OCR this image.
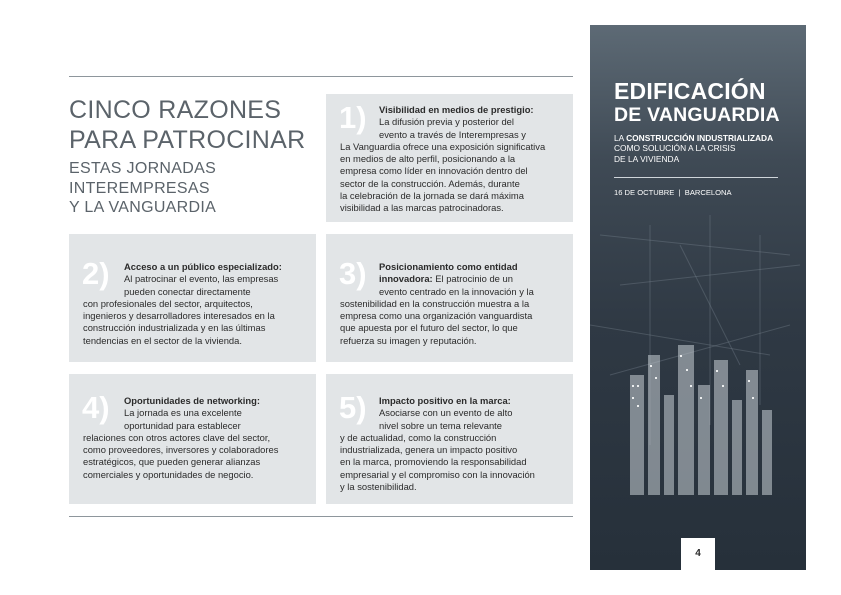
CINCO RAZONES
PARA PATROCINAR
ESTAS JORNADAS
INTEREMPRESAS
Y LA VANGUARDIA
1)	Visibilidad en medios de prestigio:
La difusión previa y posterior del
evento a través de Interempresas y
La Vanguardia ofrece una exposición significativa
en medios de alto perfil, posicionando a la
empresa como líder en innovación dentro del
sector de la construcción. Además, durante
la celebración de la jornada se dará máxima
visibilidad a las marcas patrocinadoras.
2)	Acceso a un público especializado:
Al patrocinar el evento, las empresas
pueden conectar directamente
con profesionales del sector, arquitectos,
ingenieros y desarrolladores interesados en la
construcción industrializada y en las últimas
tendencias en el sector de la vivienda.
3)	Posicionamiento como entidad
innovadora: El patrocinio de un
evento centrado en la innovación y la
sostenibilidad en la construcción muestra a la
empresa como una organización vanguardista
que apuesta por el futuro del sector, lo que
refuerza su imagen y reputación.
4)	Oportunidades de networking:
La jornada es una excelente
oportunidad para establecer
relaciones con otros actores clave del sector,
como proveedores, inversores y colaboradores
estratégicos, que pueden generar alianzas
comerciales y oportunidades de negocio.
5)	Impacto positivo en la marca:
Asociarse con un evento de alto
nivel sobre un tema relevante
y de actualidad, como la construcción
industrializada, genera un impacto positivo
en la marca, promoviendo la responsabilidad
empresarial y el compromiso con la innovación
y la sostenibilidad.
EDIFICACIÓN
DE VANGUARDIA
LA CONSTRUCCIÓN INDUSTRIALIZADA
COMO SOLUCIÓN A LA CRISIS
DE LA VIVIENDA
16 DE OCTUBRE  |  BARCELONA
4
